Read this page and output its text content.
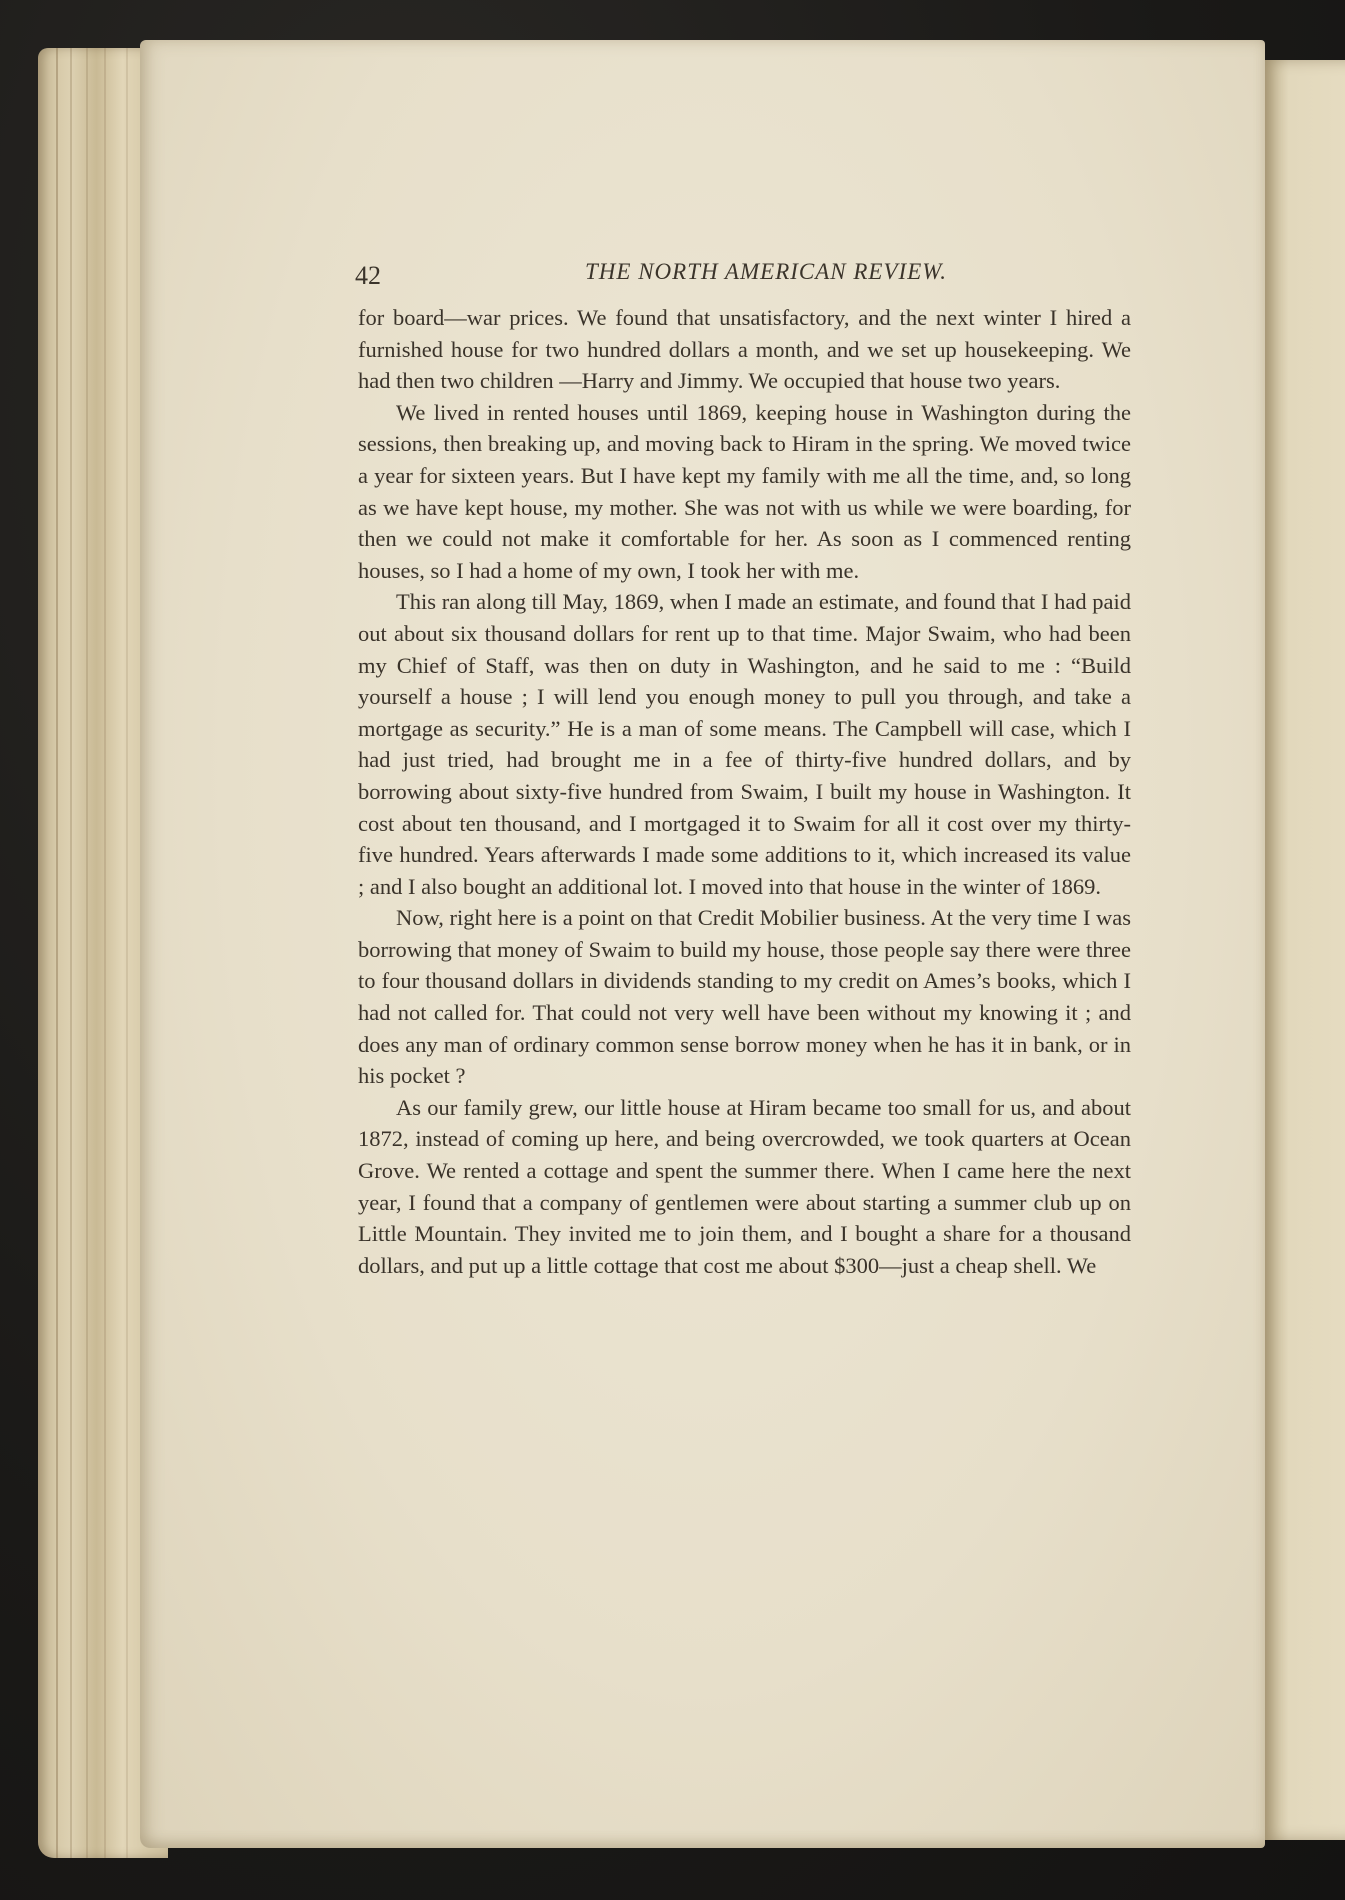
42	THE NORTH AMERICAN REVIEW.

for board—war prices. We found that unsatisfactory, and the next winter I hired a furnished house for two hundred dollars a month, and we set up housekeeping. We had then two children —Harry and Jimmy. We occupied that house two years.

We lived in rented houses until 1869, keeping house in Washington during the sessions, then breaking up, and moving back to Hiram in the spring. We moved twice a year for sixteen years. But I have kept my family with me all the time, and, so long as we have kept house, my mother. She was not with us while we were boarding, for then we could not make it comfortable for her. As soon as I commenced renting houses, so I had a home of my own, I took her with me.

This ran along till May, 1869, when I made an estimate, and found that I had paid out about six thousand dollars for rent up to that time. Major Swaim, who had been my Chief of Staff, was then on duty in Washington, and he said to me : “Build yourself a house ; I will lend you enough money to pull you through, and take a mortgage as security.” He is a man of some means. The Campbell will case, which I had just tried, had brought me in a fee of thirty-five hundred dollars, and by borrowing about sixty-five hundred from Swaim, I built my house in Washington. It cost about ten thousand, and I mortgaged it to Swaim for all it cost over my thirty-five hundred. Years afterwards I made some additions to it, which increased its value ; and I also bought an additional lot. I moved into that house in the winter of 1869.

Now, right here is a point on that Credit Mobilier business. At the very time I was borrowing that money of Swaim to build my house, those people say there were three to four thousand dollars in dividends standing to my credit on Ames’s books, which I had not called for. That could not very well have been without my knowing it ; and does any man of ordinary common sense borrow money when he has it in bank, or in his pocket ?

As our family grew, our little house at Hiram became too small for us, and about 1872, instead of coming up here, and being overcrowded, we took quarters at Ocean Grove. We rented a cottage and spent the summer there. When I came here the next year, I found that a company of gentlemen were about starting a summer club up on Little Mountain. They invited me to join them, and I bought a share for a thousand dollars, and put up a little cottage that cost me about $300—just a cheap shell. We
